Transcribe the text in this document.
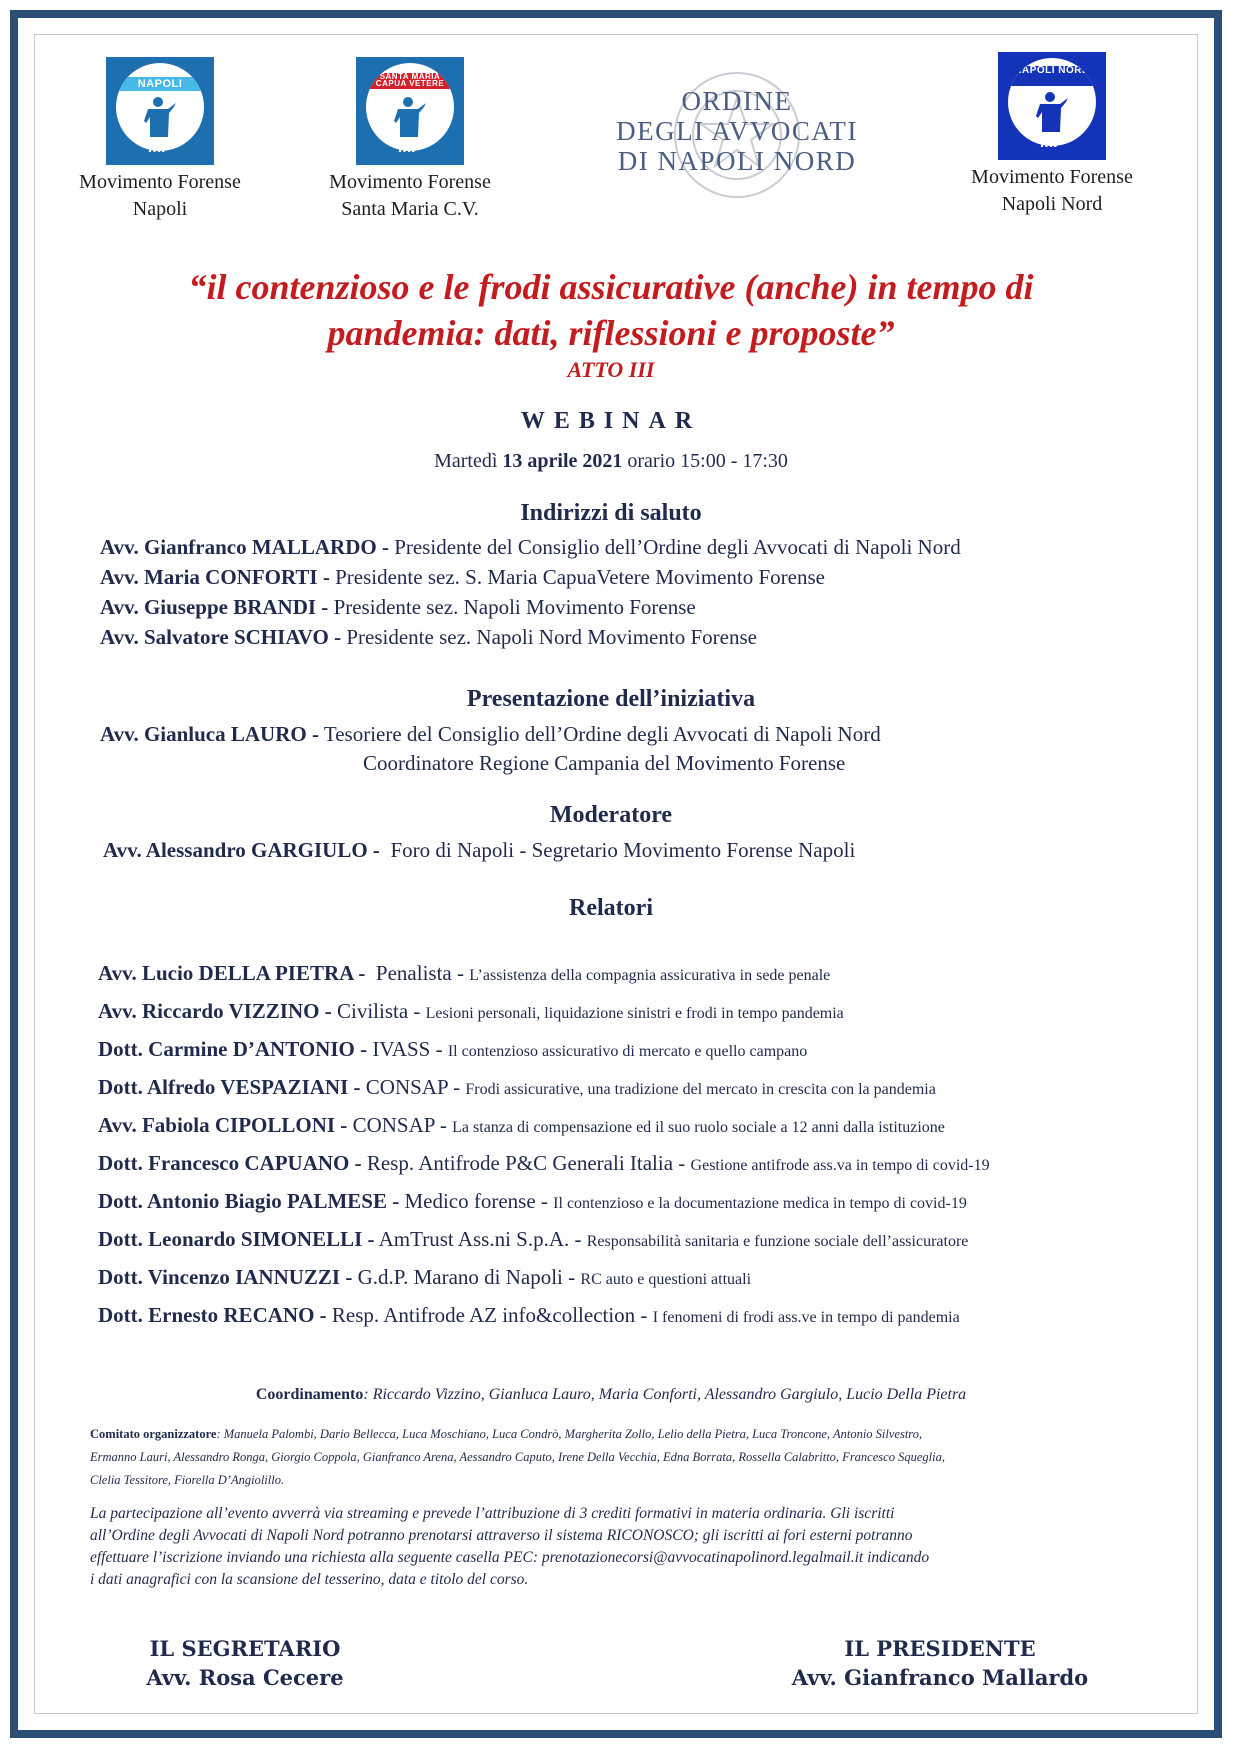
NAPOLI
MF
Movimento Forense
Napoli
SANTA MARIA CAPUA VETERE
MF
Movimento Forense
Santa Maria C.V.
ORDINE
DEGLI AVVOCATI
DI NAPOLI NORD
NAPOLI NORD
MF
Movimento Forense
Napoli Nord
“il contenzioso e le frodi assicurative (anche) in tempo di
pandemia: dati, riflessioni e proposte”
ATTO III
WEBINAR
Martedì 13 aprile 2021 orario 15:00 - 17:30
Indirizzi di saluto
Avv. Gianfranco MALLARDO - Presidente del Consiglio dell’Ordine degli Avvocati di Napoli Nord
Avv. Maria CONFORTI - Presidente sez. S. Maria CapuaVetere Movimento Forense
Avv. Giuseppe BRANDI - Presidente sez. Napoli Movimento Forense
Avv. Salvatore SCHIAVO - Presidente sez. Napoli Nord Movimento Forense
Presentazione dell’iniziativa
Avv. Gianluca LAURO - Tesoriere del Consiglio dell’Ordine degli Avvocati di Napoli Nord
Coordinatore Regione Campania del Movimento Forense
Moderatore
Avv. Alessandro GARGIULO - Foro di Napoli - Segretario Movimento Forense Napoli
Relatori
Avv. Lucio DELLA PIETRA - Penalista - L’assistenza della compagnia assicurativa in sede penale
Avv. Riccardo VIZZINO - Civilista - Lesioni personali, liquidazione sinistri e frodi in tempo pandemia
Dott. Carmine D’ANTONIO - IVASS - Il contenzioso assicurativo di mercato e quello campano
Dott. Alfredo VESPAZIANI - CONSAP - Frodi assicurative, una tradizione del mercato in crescita con la pandemia
Avv. Fabiola CIPOLLONI - CONSAP - La stanza di compensazione ed il suo ruolo sociale a 12 anni dalla istituzione
Dott. Francesco CAPUANO - Resp. Antifrode P&C Generali Italia - Gestione antifrode ass.va in tempo di covid-19
Dott. Antonio Biagio PALMESE - Medico forense - Il contenzioso e la documentazione medica in tempo di covid-19
Dott. Leonardo SIMONELLI - AmTrust Ass.ni S.p.A. - Responsabilità sanitaria e funzione sociale dell’assicuratore
Dott. Vincenzo IANNUZZI - G.d.P. Marano di Napoli - RC auto e questioni attuali
Dott. Ernesto RECANO - Resp. Antifrode AZ info&collection - I fenomeni di frodi ass.ve in tempo di pandemia
Coordinamento: Riccardo Vizzino, Gianluca Lauro, Maria Conforti, Alessandro Gargiulo, Lucio Della Pietra
Comitato organizzatore: Manuela Palombi, Dario Bellecca, Luca Moschiano, Luca Condrò, Margherita Zollo, Lelio della Pietra, Luca Troncone, Antonio Silvestro,
Ermanno Lauri, Alessandro Ronga, Giorgio Coppola, Gianfranco Arena, Aessandro Caputo, Irene Della Vecchia, Edna Borrata, Rossella Calabritto, Francesco Squeglia,
Clelia Tessitore, Fiorella D’Angiolillo.
La partecipazione all’evento avverrà via streaming e prevede l’attribuzione di 3 crediti formativi in materia ordinaria. Gli iscritti
all’Ordine degli Avvocati di Napoli Nord potranno prenotarsi attraverso il sistema RICONOSCO; gli iscritti ai fori esterni potranno
effettuare l’iscrizione inviando una richiesta alla seguente casella PEC: prenotazionecorsi@avvocatinapolinord.legalmail.it indicando
i dati anagrafici con la scansione del tesserino, data e titolo del corso.
IL SEGRETARIO
Avv. Rosa Cecere
IL PRESIDENTE
Avv. Gianfranco Mallardo
